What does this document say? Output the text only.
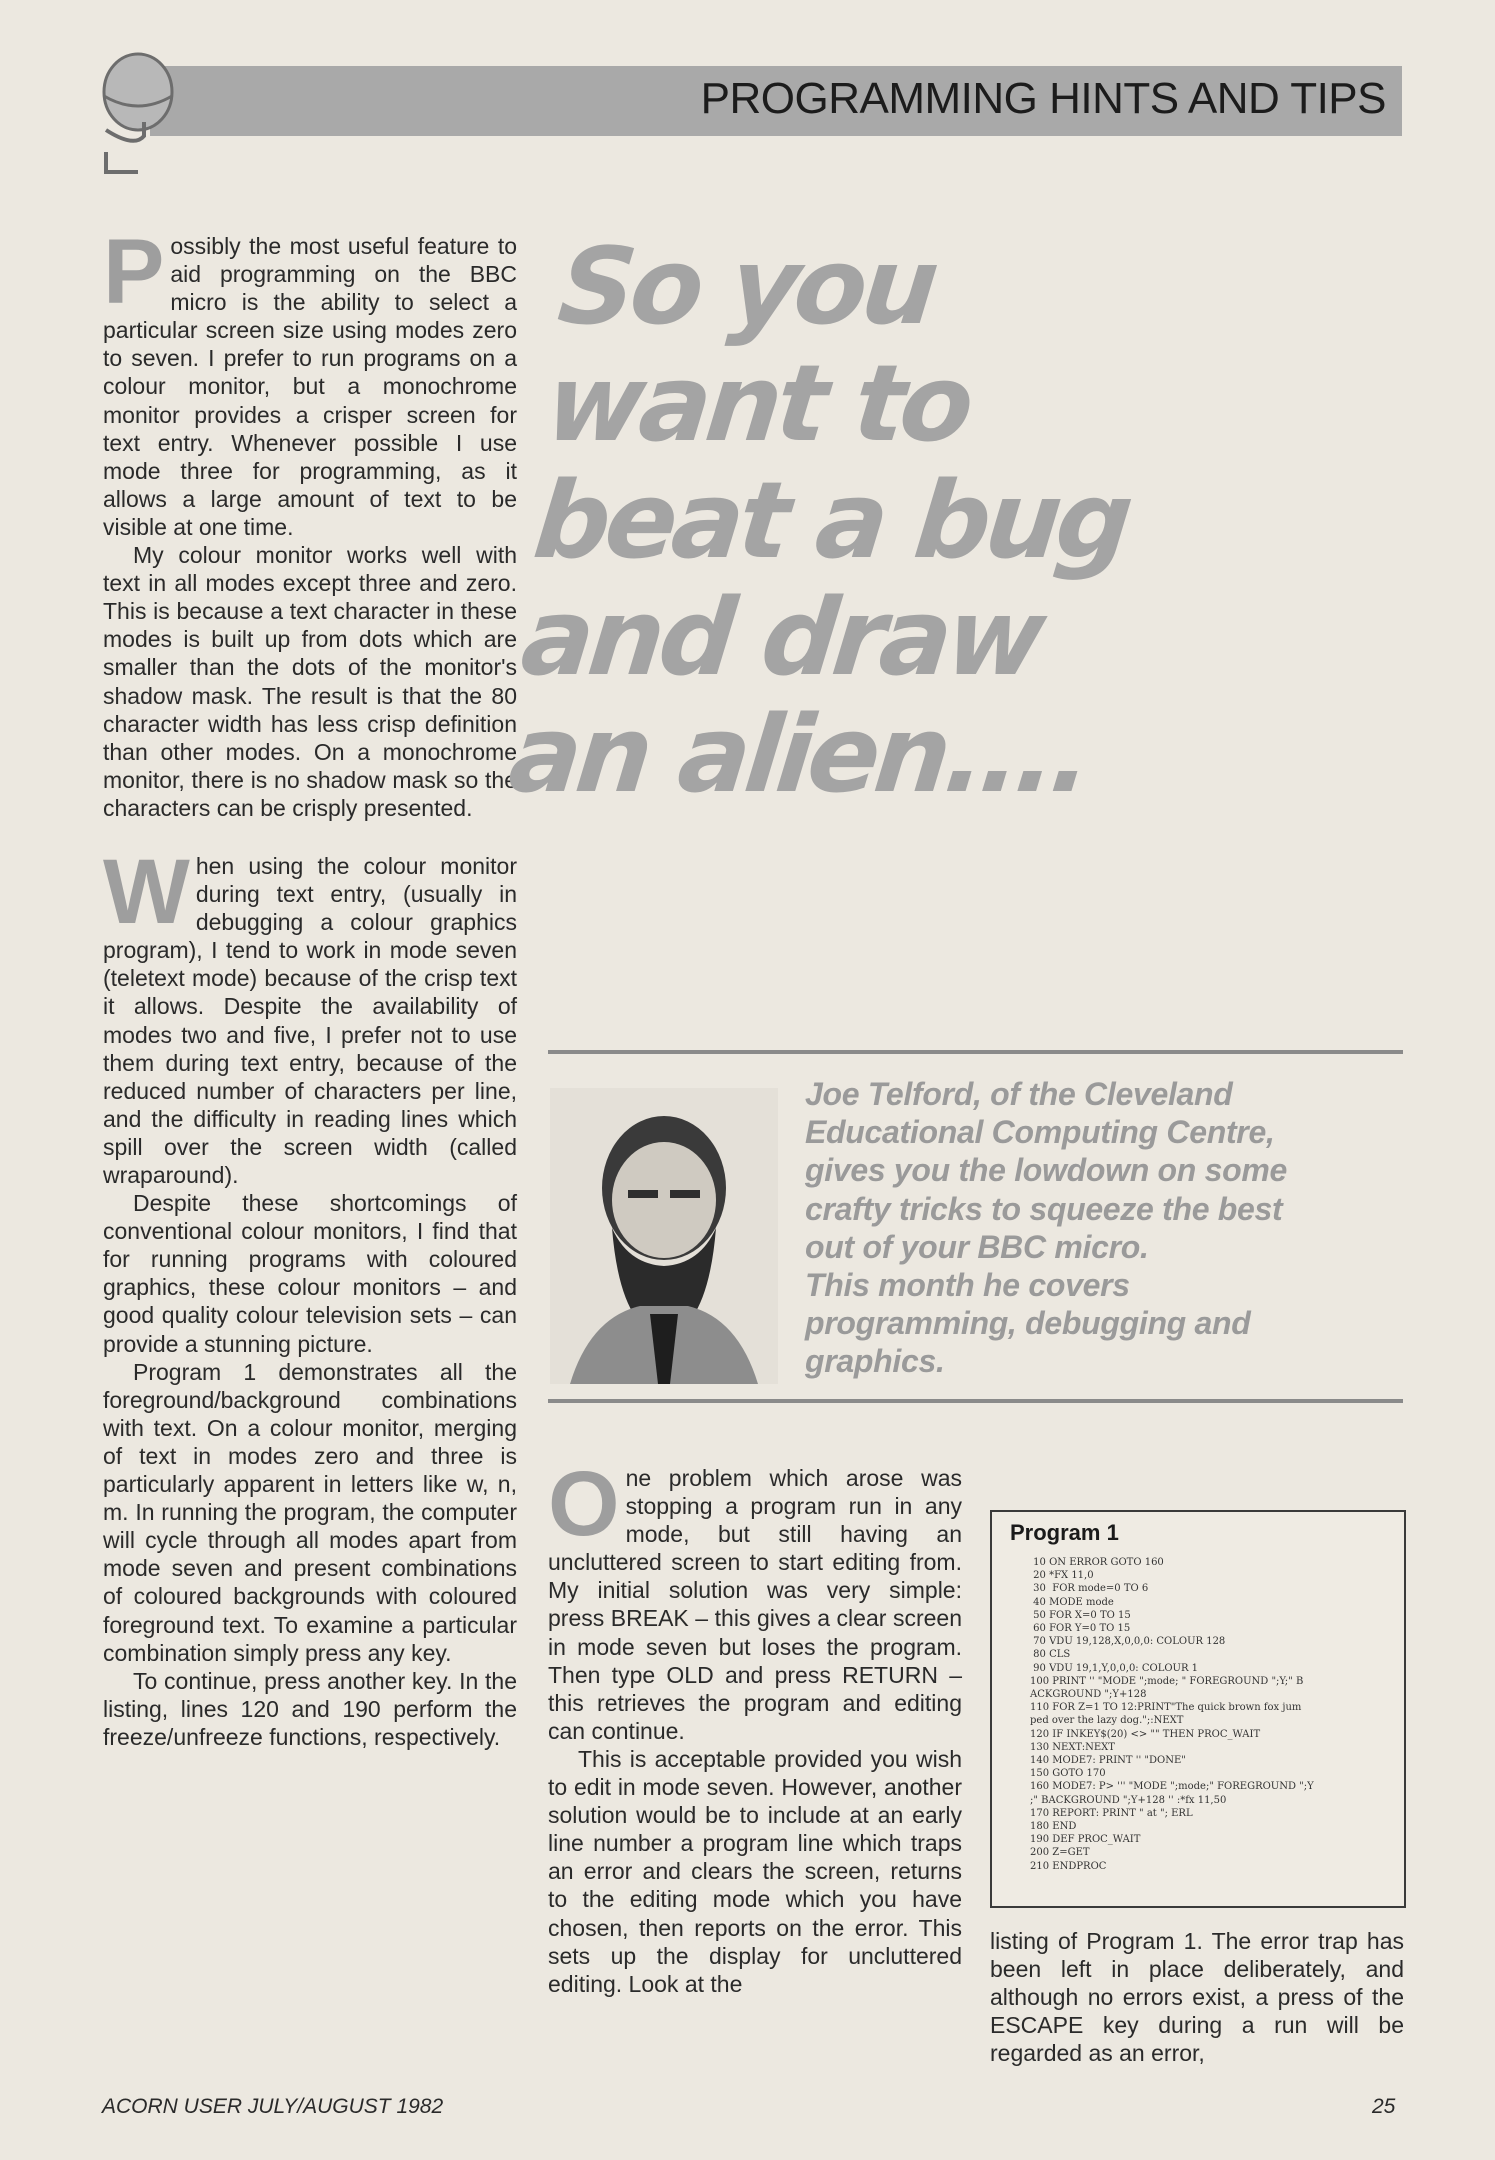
PROGRAMMING HINTS AND TIPS

Possibly the most useful feature to aid programming on the BBC micro is the ability to select a particular screen size using modes zero to seven. I prefer to run programs on a colour monitor, but a monochrome monitor provides a crisper screen for text entry. Whenever possible I use mode three for programming, as it allows a large amount of text to be visible at one time.

My colour monitor works well with text in all modes except three and zero. This is because a text character in these modes is built up from dots which are smaller than the dots of the monitor's shadow mask. The result is that the 80 character width has less crisp definition than other modes. On a monochrome monitor, there is no shadow mask so the characters can be crisply presented.

When using the colour monitor during text entry, (usually in debugging a colour graphics program), I tend to work in mode seven (teletext mode) because of the crisp text it allows. Despite the availability of modes two and five, I prefer not to use them during text entry, because of the reduced number of characters per line, and the difficulty in reading lines which spill over the screen width (called wraparound).

Despite these shortcomings of conventional colour monitors, I find that for running programs with coloured graphics, these colour monitors – and good quality colour television sets – can provide a stunning picture.

Program 1 demonstrates all the foreground/background combinations with text. On a colour monitor, merging of text in modes zero and three is particularly apparent in letters like w, n, m. In running the program, the computer will cycle through all modes apart from mode seven and present combinations of coloured backgrounds with coloured foreground text. To examine a particular combination simply press any key.

To continue, press another key. In the listing, lines 120 and 190 perform the freeze/unfreeze functions, respectively.

So you
want to
beat a bug
and draw
an alien....
Joe Telford, of the Cleveland
Educational Computing Centre,
gives you the lowdown on some
crafty tricks to squeeze the best
out of your BBC micro.
This month he covers
programming, debugging and
graphics.

One problem which arose was stopping a program run in any mode, but still having an uncluttered screen to start editing from. My initial solution was very simple: press BREAK – this gives a clear screen in mode seven but loses the program. Then type OLD and press RETURN – this retrieves the program and editing can continue.

This is acceptable provided you wish to edit in mode seven. However, another solution would be to include at an early line number a program line which traps an error and clears the screen, returns to the editing mode which you have chosen, then reports on the error. This sets up the display for uncluttered editing. Look at the

Program 1
10 ON ERROR GOTO 160
20 *FX 11,0
30  FOR mode=0 TO 6
40 MODE mode
50 FOR X=0 TO 15
60 FOR Y=0 TO 15
70 VDU 19,128,X,0,0,0: COLOUR 128
80 CLS
90 VDU 19,1,Y,0,0,0: COLOUR 1
100 PRINT '' "MODE ";mode; " FOREGROUND ";Y;" B
ACKGROUND ";Y+128
110 FOR Z=1 TO 12:PRINT"The quick brown fox jum
ped over the lazy dog.";:NEXT
120 IF INKEY$(20) <> "" THEN PROC_WAIT
130 NEXT:NEXT
140 MODE7: PRINT '' "DONE"
150 GOTO 170
160 MODE7: P> ''' "MODE ";mode;" FOREGROUND ";Y
;" BACKGROUND ";Y+128 '' :*fx 11,50
170 REPORT: PRINT " at "; ERL
180 END
190 DEF PROC_WAIT
200 Z=GET
210 ENDPROC

listing of Program 1. The error trap has been left in place deliberately, and although no errors exist, a press of the ESCAPE key during a run will be regarded as an error,

ACORN USER JULY/AUGUST 1982	25
